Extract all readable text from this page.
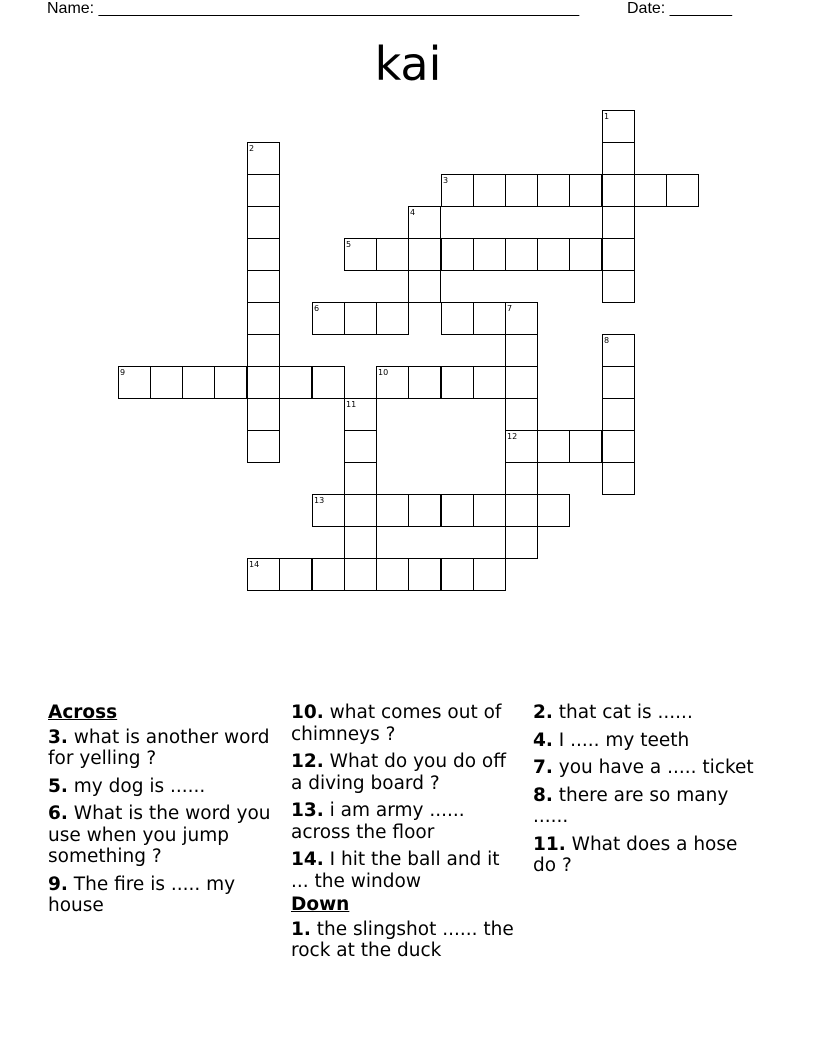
Name: ______________________________________________________	Date: _______
kai
1
2
3
4
5
6	7
8
9	10
11
12
13
14
Across
3. what is another word for yelling ?
5. my dog is ......
6. What is the word you use when you jump something ?
9. The fire is ..... my house
10. what comes out of chimneys ?
12. What do you do off a diving board ?
13. i am army ...... across the floor
14. I hit the ball and it ... the window
Down
1. the slingshot ...... the rock at the duck
2. that cat is ......
4. I ..... my teeth
7. you have a ..... ticket
8. there are so many ......
11. What does a hose do ?
